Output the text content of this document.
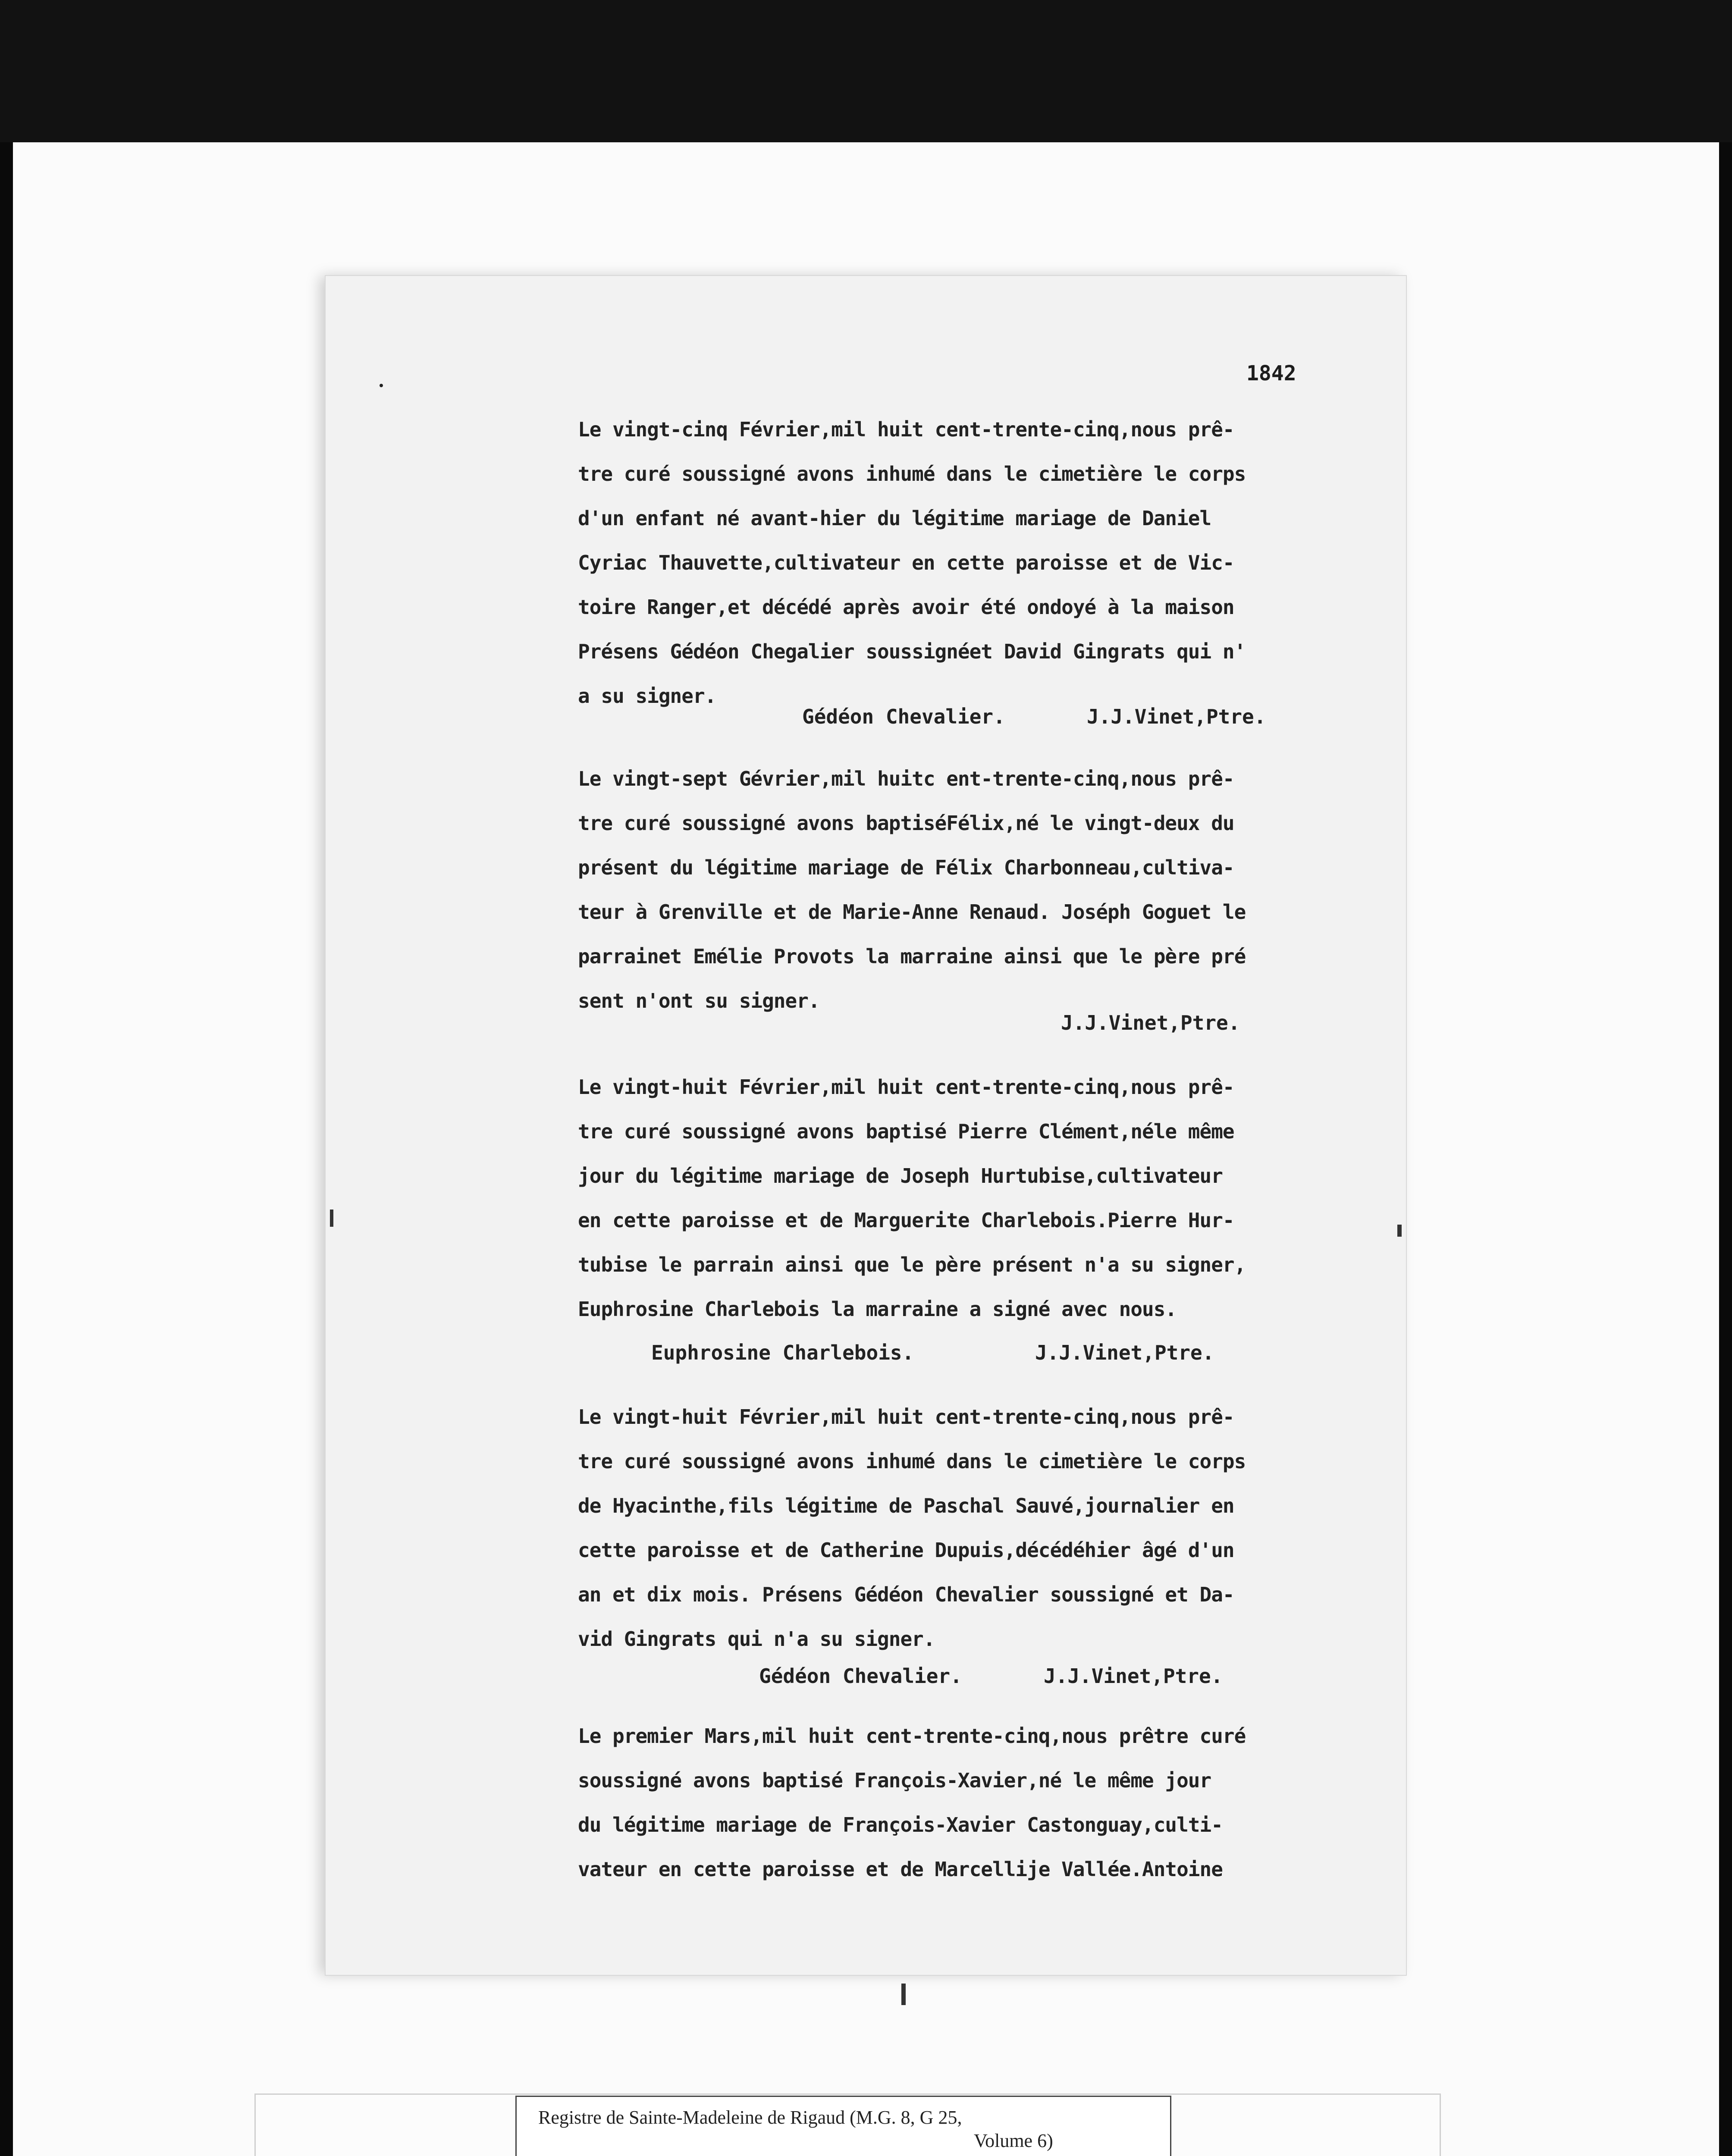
1842
Le vingt-cinq Février,mil huit cent-trente-cinq,nous prê-
tre curé soussigné avons inhumé dans le cimetière le corps
d'un enfant né avant-hier du légitime mariage de Daniel
Cyriac Thauvette,cultivateur en cette paroisse et de Vic-
toire Ranger,et décédé après avoir été ondoyé à la maison
Présens Gédéon Chegalier soussignéet David Gingrats qui n'
a su signer.
Gédéon Chevalier.	J.J.Vinet,Ptre.
Le vingt-sept Gévrier,mil huitc ent-trente-cinq,nous prê-
tre curé soussigné avons baptiséFélix,né le vingt-deux du
présent du légitime mariage de Félix Charbonneau,cultiva-
teur à Grenville et de Marie-Anne Renaud. Joséph Goguet le
parrainet Emélie Provots la marraine ainsi que le père pré
sent n'ont su signer.
J.J.Vinet,Ptre.
Le vingt-huit Février,mil huit cent-trente-cinq,nous prê-
tre curé soussigné avons baptisé Pierre Clément,néle même
jour du légitime mariage de Joseph Hurtubise,cultivateur
en cette paroisse et de Marguerite Charlebois.Pierre Hur-
tubise le parrain ainsi que le père présent n'a su signer,
Euphrosine Charlebois la marraine a signé avec nous.
Euphrosine Charlebois.	J.J.Vinet,Ptre.
Le vingt-huit Février,mil huit cent-trente-cinq,nous prê-
tre curé soussigné avons inhumé dans le cimetière le corps
de Hyacinthe,fils légitime de Paschal Sauvé,journalier en
cette paroisse et de Catherine Dupuis,décédéhier âgé d'un
an et dix mois. Présens Gédéon Chevalier soussigné et Da-
vid Gingrats qui n'a su signer.
Gédéon Chevalier.	J.J.Vinet,Ptre.
Le premier Mars,mil huit cent-trente-cinq,nous prêtre curé
soussigné avons baptisé François-Xavier,né le même jour
du légitime mariage de François-Xavier Castonguay,culti-
vateur en cette paroisse et de Marcellije Vallée.Antoine
Registre de Sainte-Madeleine de Rigaud (M.G. 8, G 25,
Volume 6)
